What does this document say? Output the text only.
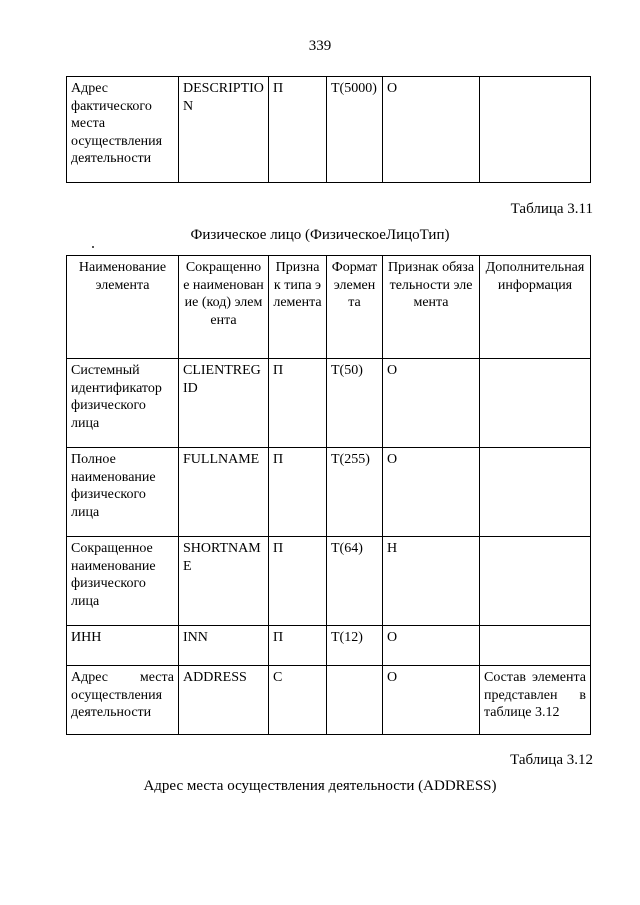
339
Адрес фактического места осуществления деятельности	DESCRIPTION	П	T(5000)	О	
Таблица 3.11
Физическое лицо (ФизическоеЛицоТип)
Наименование элемента	Сокращенное наименование (код) элемента	Признак типа элемента	Формат элемента	Признак обязательности элемента	Дополнительная информация
Системный идентификатор физического лица	CLIENTREGID	П	T(50)	О	
Полное наименование физического лица	FULLNAME	П	T(255)	О	
Сокращенное наименование физического лица	SHORTNAME	П	T(64)	Н	
ИНН	INN	П	T(12)	О	
Адрес места осуществления деятельности	ADDRESS	С		О	Состав элемента представлен в таблице 3.12
Таблица 3.12
Адрес места осуществления деятельности (ADDRESS)
